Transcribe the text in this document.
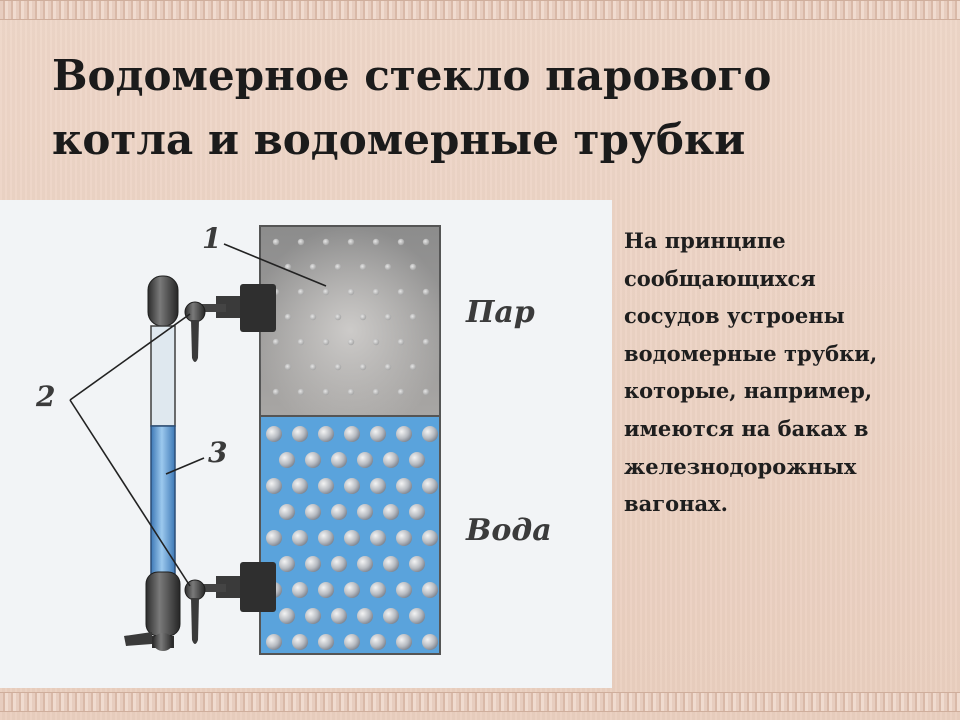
Водомерное стекло парового
котла и водомерные трубки
1
2
3
Пар
Вода
На принципе
сообщающихся
сосудов устроены
водомерные трубки,
которые, например,
имеются на баках в
железнодорожных
вагонах.
